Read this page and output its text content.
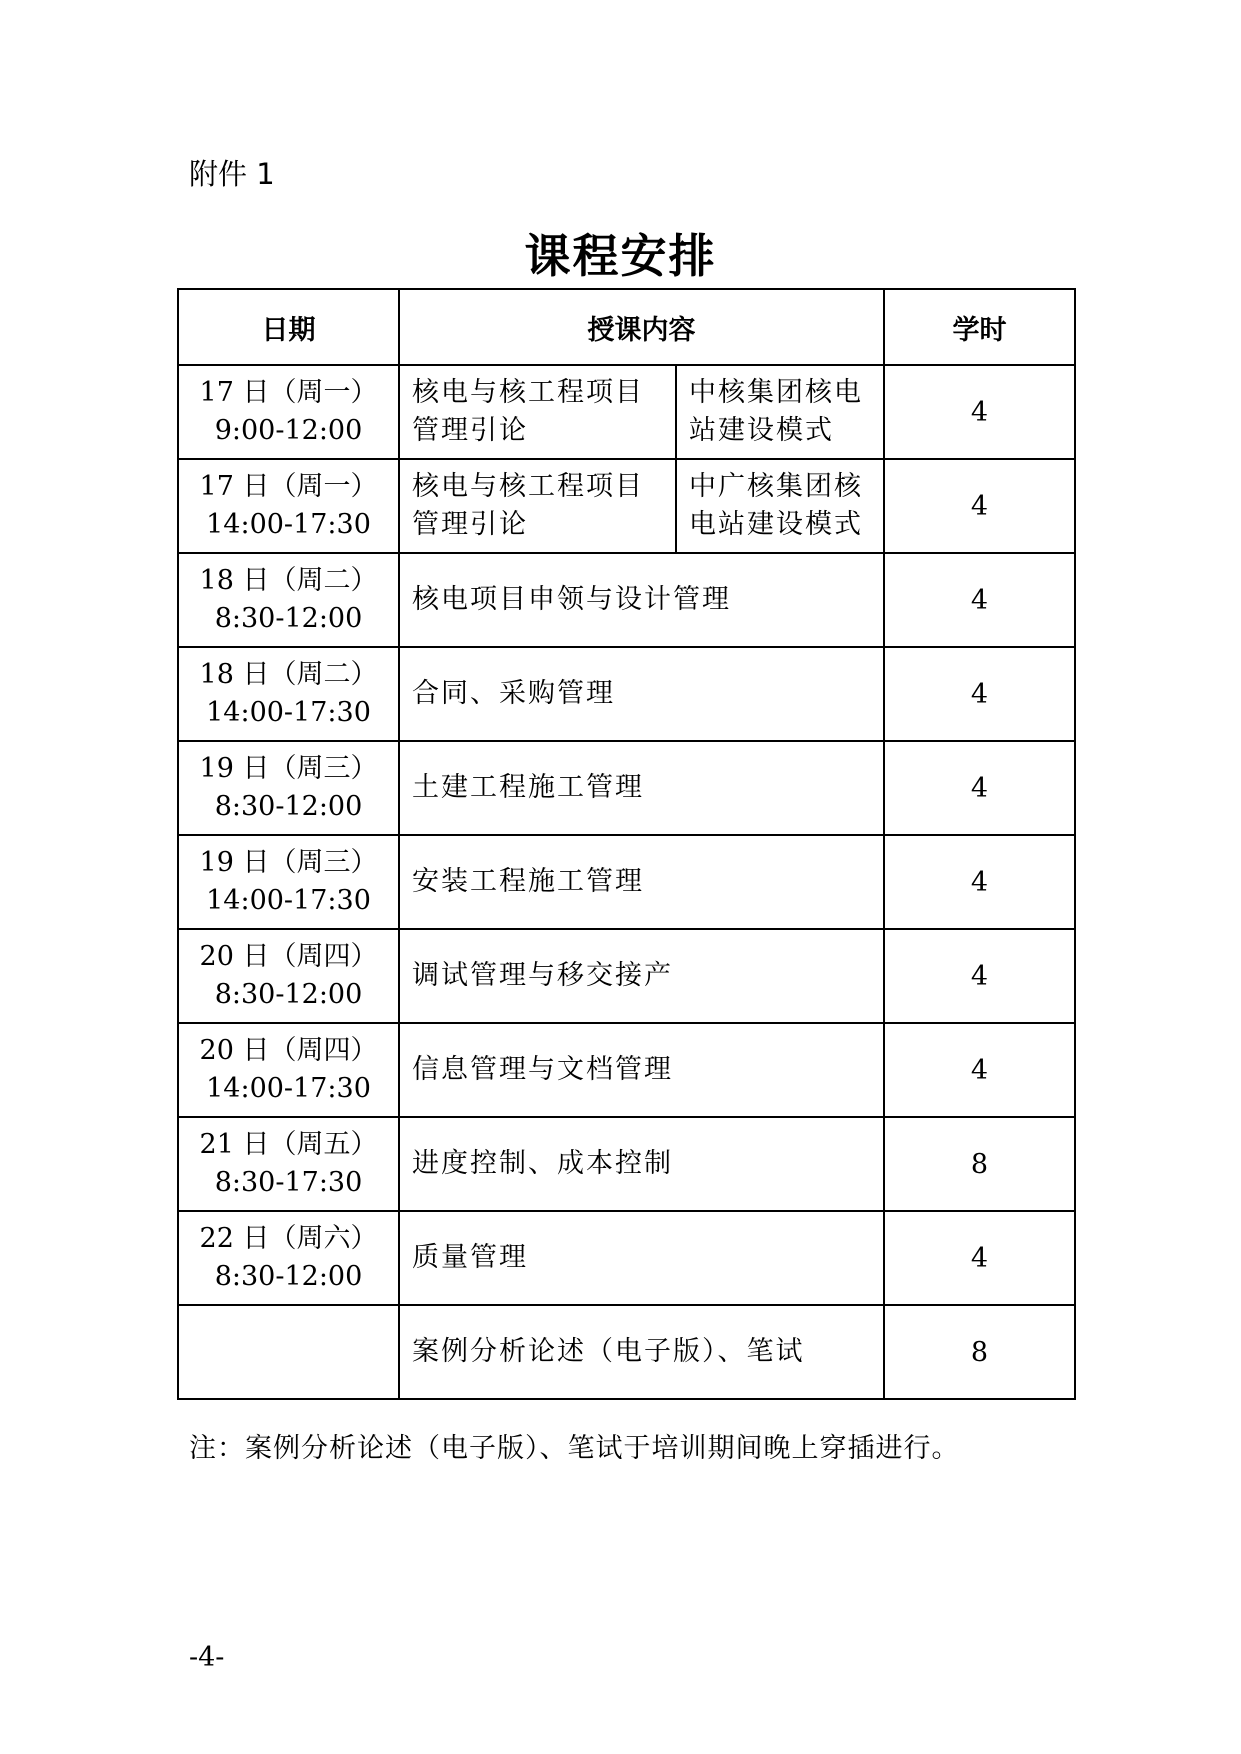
附件 1
课程安排
日期	授课内容		学时

17 日（周一）
9:00-12:00	核电与核工程项目管理引论	中核集团核电站建设模式	4

17 日（周一）
14:00-17:30	核电与核工程项目管理引论	中广核集团核电站建设模式	4

18 日（周二）
8:30-12:00	核电项目申领与设计管理		4

18 日（周二）
14:00-17:30	合同、采购管理		4

19 日（周三）
8:30-12:00	土建工程施工管理		4

19 日（周三）
14:00-17:30	安装工程施工管理		4

20 日（周四）
8:30-12:00	调试管理与移交接产		4

20 日（周四）
14:00-17:30	信息管理与文档管理		4

21 日（周五）
8:30-17:30	进度控制、成本控制		8

22 日（周六）
8:30-12:00	质量管理		4

	案例分析论述（电子版）、笔试		8
注：案例分析论述（电子版）、笔试于培训期间晚上穿插进行。
-4-
